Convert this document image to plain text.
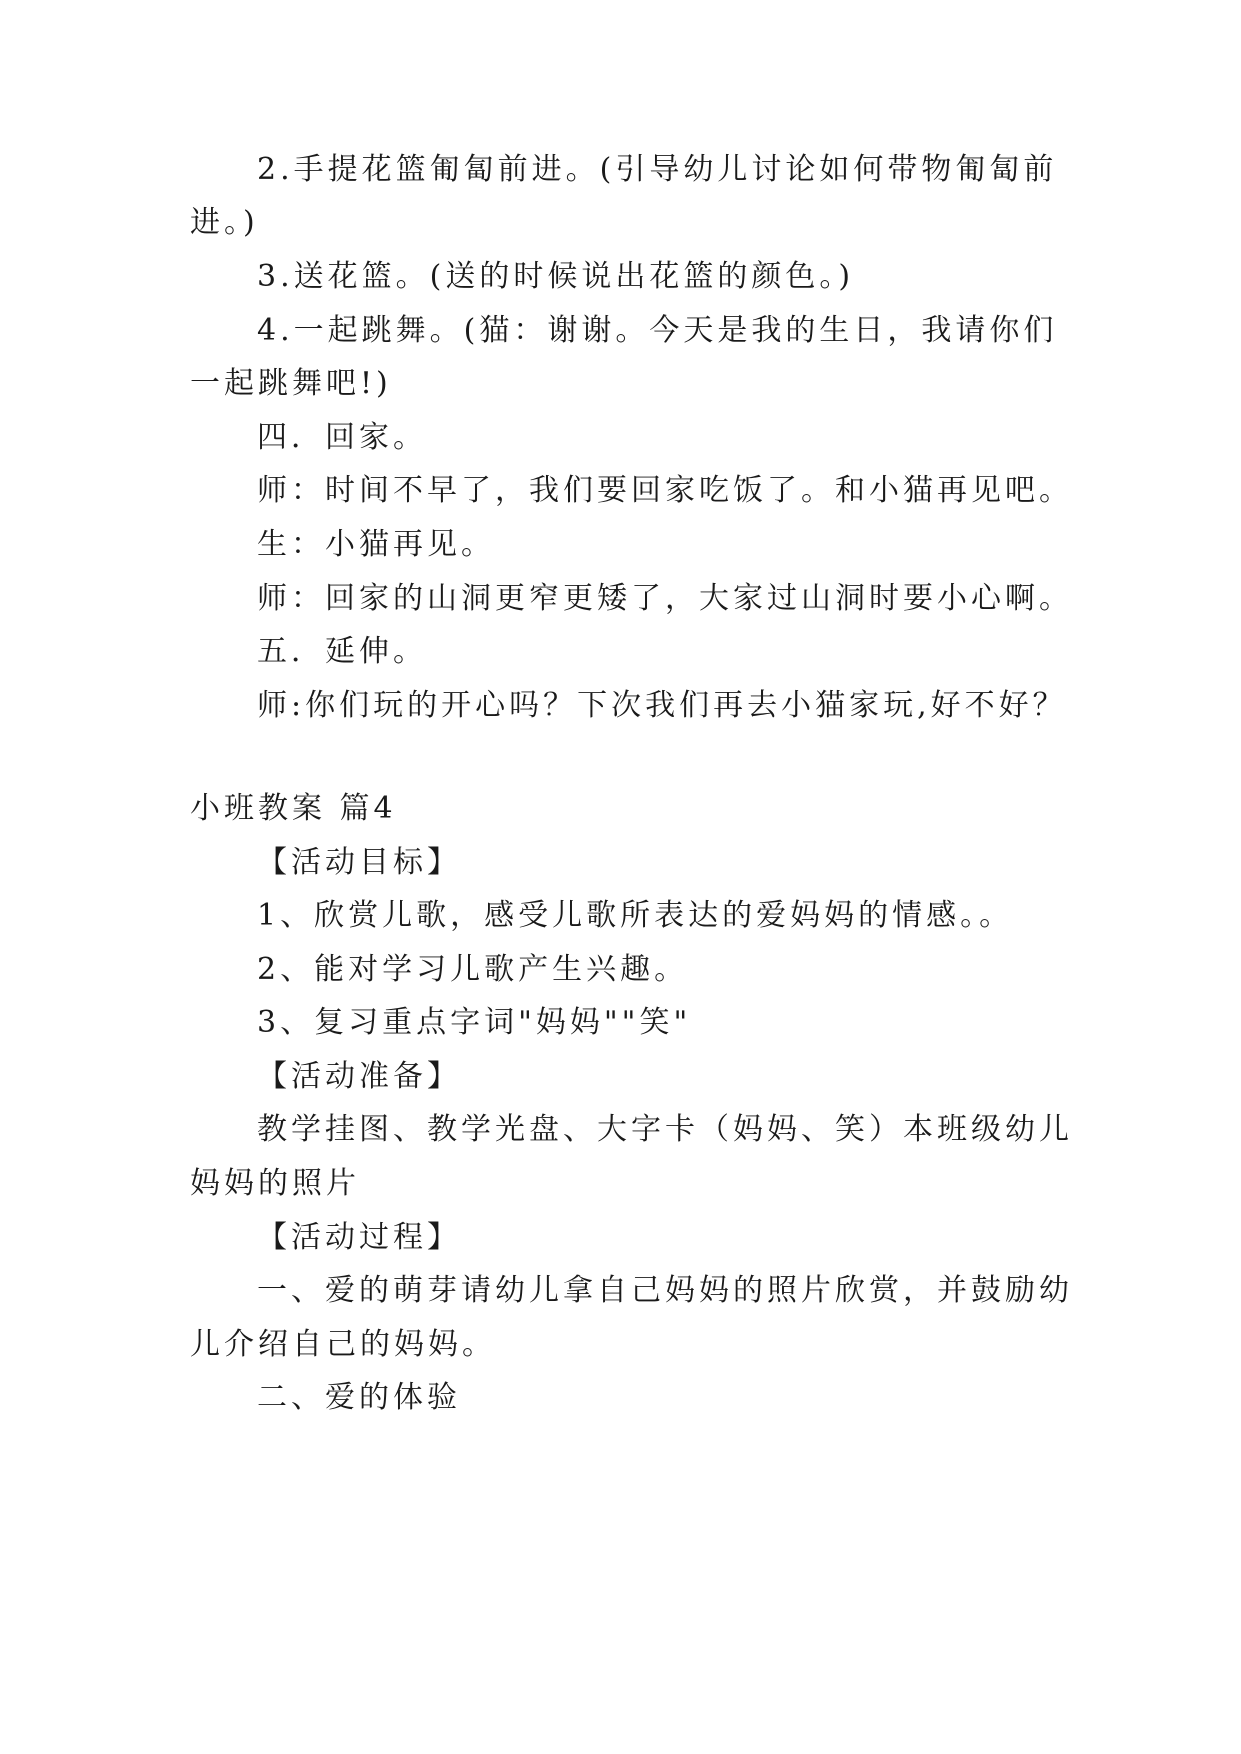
2.手提花篮匍匐前进。(引导幼儿讨论如何带物匍匐前
进。)
3.送花篮。(送的时候说出花篮的颜色。)
4.一起跳舞。(猫：谢谢。今天是我的生日，我请你们
一起跳舞吧!)
四．回家。
师：时间不早了，我们要回家吃饭了。和小猫再见吧。
生：小猫再见。
师：回家的山洞更窄更矮了，大家过山洞时要小心啊。
五．延伸。
师:你们玩的开心吗？下次我们再去小猫家玩,好不好？
小班教案 篇4
【活动目标】
1、欣赏儿歌，感受儿歌所表达的爱妈妈的情感。。
2、能对学习儿歌产生兴趣。
3、复习重点字词"妈妈""笑"
【活动准备】
教学挂图、教学光盘、大字卡（妈妈、笑）本班级幼儿
妈妈的照片
【活动过程】
一、爱的萌芽请幼儿拿自己妈妈的照片欣赏，并鼓励幼
儿介绍自己的妈妈。
二、爱的体验
